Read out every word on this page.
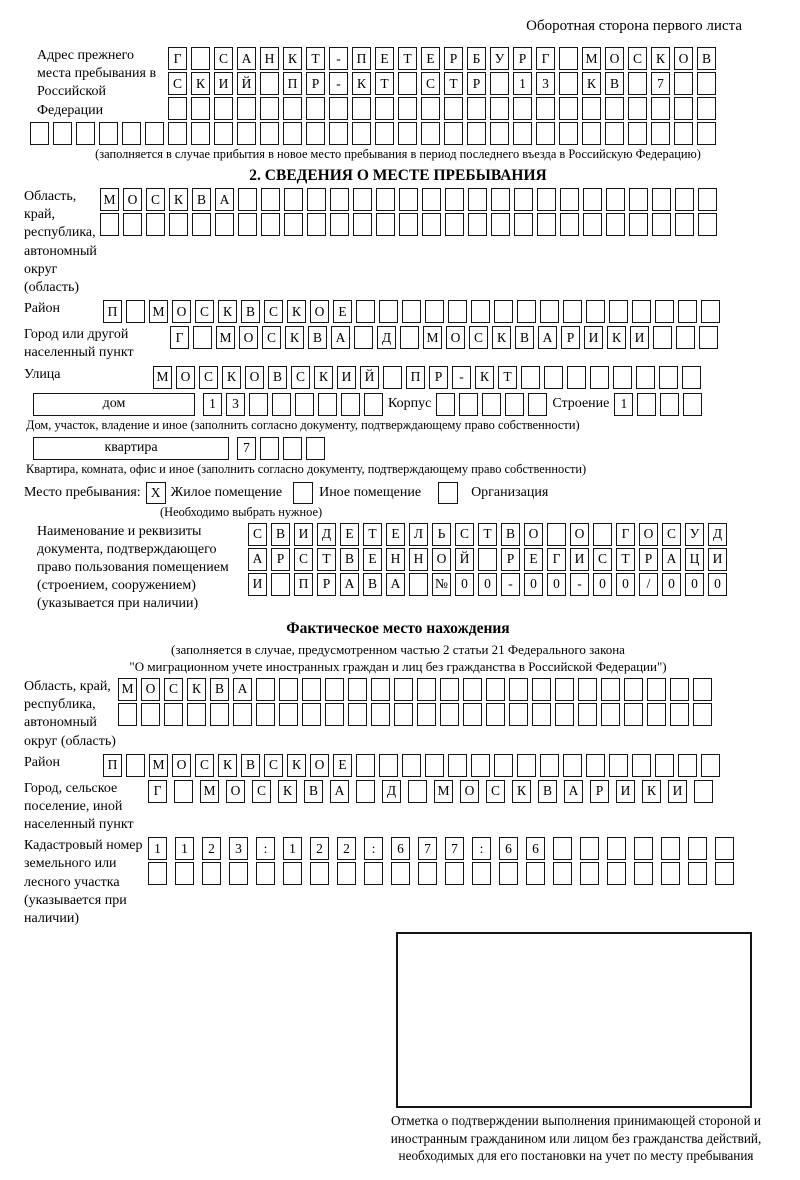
Оборотная сторона первого листа
Адрес прежнего места пребывания в Российской Федерации
Г	С	А Н	К	Т	-	П	Е	Т	Е	Р	Б	У	Р	Г	М О	С	К	О	В
С	К	И Й	П	Р	-	К	Т	С	Т	Р	1	3	К	В	7
(заполняется в случае прибытия в новое место пребывания в период последнего въезда в Российскую Федерацию)
2. СВЕДЕНИЯ О МЕСТЕ ПРЕБЫВАНИЯ
Область, край, республика, автономный округ (область)
М О	С	К	В	А
Район	П	М О	С	К	В	С	К	О	Е
Город или другой населенный пункт
Г	М О	С	К	В	А	Д	М О	С	К	В	А	Р	И	К	И
Улица	М О	С	К	О	В	С	К	И Й	П	Р	-	К	Т
дом	1	3	Корпус	Строение 1
Дом, участок, владение и иное (заполнить согласно документу, подтверждающему право собственности)
квартира	7
Квартира, комната, офис и иное (заполнить согласно документу, подтверждающему право собственности)
Место пребывания: X Жилое помещение	Иное помещение	Организация
(Необходимо выбрать нужное)
Наименование и реквизиты документа, подтверждающего право пользования помещением (строением, сооружением) (указывается при наличии)
С	В	И	Д	Е	Т	Е	Л	Ь	С	Т	В	О	О	Г	О	С	У	Д
А	Р	С	Т	В	Е	Н Н О Й	Р	Е	Г	И	С	Т	Р	А Ц И
И	П	Р	А	В	А	№ 0	0	-	0	0	-	0	0	/	0	0	0
Фактическое место нахождения
(заполняется в случае, предусмотренном частью 2 статьи 21 Федерального закона
"О миграционном учете иностранных граждан и лиц без гражданства в Российской Федерации")
Область, край, республика, автономный округ (область)
М О	С	К	В	А
Район	П	М О	С	К	В	С	К	О	Е
Город, сельское поселение, иной населенный пункт
Г	М	О	С	К	В	А	Д	М	О	С	К	В	А	Р	И	К	И
Кадастровый номер земельного или лесного участка (указывается при наличии)
1	1	2	3	:	1	2	2	:	6	7	7	:	6	6
Отметка о подтверждении выполнения принимающей стороной и иностранным гражданином или лицом без гражданства действий, необходимых для его постановки на учет по месту пребывания
